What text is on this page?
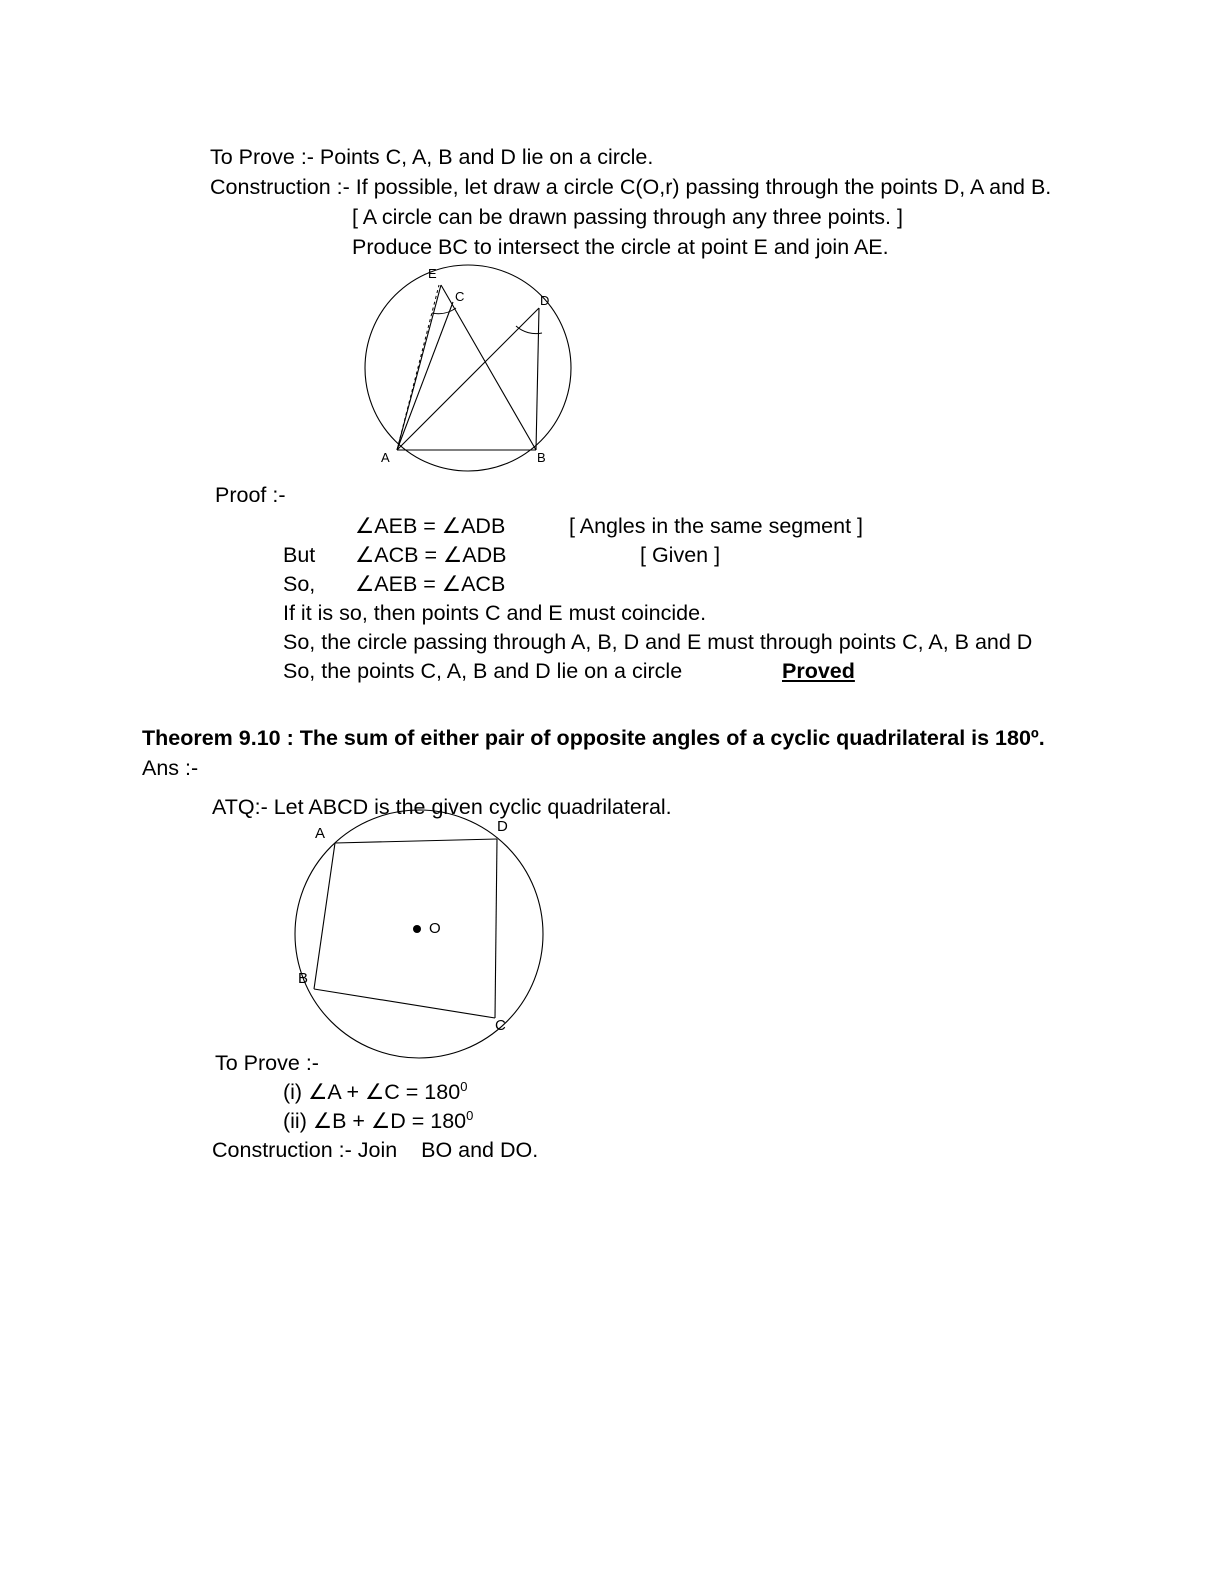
To Prove :- Points C, A, B and D lie on a circle.
Construction :- If possible, let draw a circle C(O,r) passing through the points D, A and B.
[ A circle can be drawn passing through any three points. ]
Produce BC to intersect the circle at point E and join AE.
E
C	D
A	B
Proof :-
∠AEB = ∠ADB	[ Angles in the same segment ]
But ∠ACB = ∠ADB	[ Given ]
So, ∠AEB = ∠ACB
If it is so, then points C and E must coincide.
So, the circle passing through A, B, D and E must through points C, A, B and D
So, the points C, A, B and D lie on a circle	Proved
Theorem 9.10 : The sum of either pair of opposite angles of a cyclic quadrilateral is 180º.
Ans :-
ATQ:- Let ABCD is the given cyclic quadrilateral.
A	D
C
B
O
To Prove :-
(i) ∠A + ∠C = $180^0$
(ii) ∠B + ∠D = $180^0$
Construction :- Join    BO and DO.
